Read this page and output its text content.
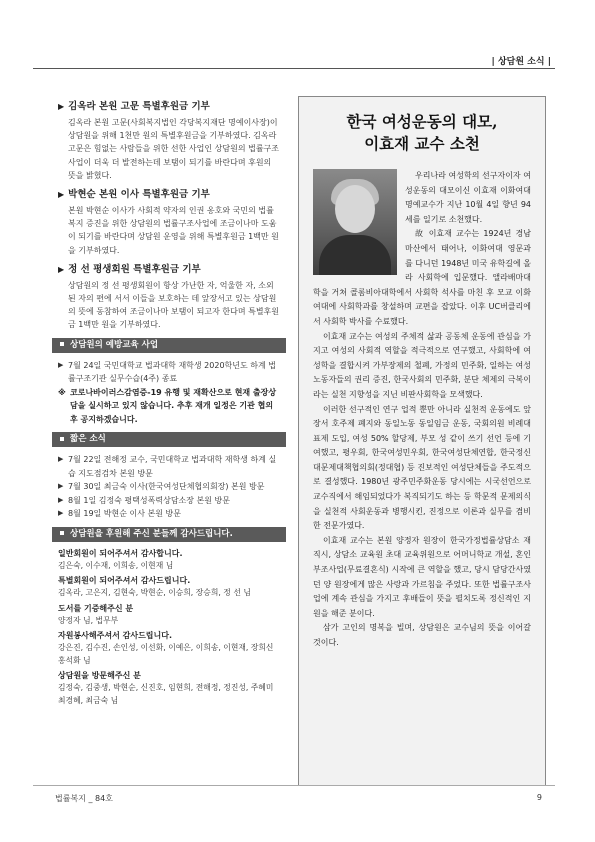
| 상담원 소식 |
▶ 김옥라 본원 고문 특별후원금 기부

김옥라 본원 고문(사회복지법인 각당복지재단 명예이사장)이 상담원을 위해 1천만 원의 특별후원금을 기부하였다. 김옥라 고문은 힘없는 사람들을 위한 선한 사업인 상담원의 법률구조사업이 더욱 더 발전하는데 보탬이 되기를 바란다며 후원의 뜻을 밝혔다.

▶ 박현순 본원 이사 특별후원금 기부

본원 박현순 이사가 사회적 약자의 인권 옹호와 국민의 법률복지 증진을 위한 상담원의 법률구조사업에 조금이나마 도움이 되기를 바란다며 상담원 운영을 위해 특별후원금 1백만 원을 기부하였다.

▶ 정 선 평생회원 특별후원금 기부

상담원의 정 선 평생회원이 항상 가난한 자, 억울한 자, 소외된 자의 편에 서서 이들을 보호하는 데 앞장서고 있는 상담원의 뜻에 동참하여 조금이나마 보탬이 되고자 한다며 특별후원금 1백만 원을 기부하였다.

상담원의 예방교육 사업
▶ 7월 24일 국민대학교 법과대학 재학생 2020학년도 하계 법률구조기관 실무수습(4주) 종료
※ 코로나바이러스감염증-19 유행 및 재확산으로 현재 출장상담을 실시하고 있지 않습니다. 추후 재개 일정은 기관 협의 후 공지하겠습니다.
짧은 소식
▶ 7월 22일 전해정 교수, 국민대학교 법과대학 재학생 하계 실습 지도점검차 본원 방문
▶ 7월 30일 최금숙 이사(한국여성단체협의회장) 본원 방문
▶ 8월 1일 김정숙 평택성폭력상담소장 본원 방문
▶ 8월 19일 박현순 이사 본원 방문
상담원을 후원해 주신 분들께 감사드립니다.
일반회원이 되어주셔서 감사합니다.
김은숙, 이수재, 이희송, 이현재 님
특별회원이 되어주셔서 감사드립니다.
김옥라, 고은지, 김현숙, 박현순, 이승희, 장승희, 정 선 님
도서를 기증해주신 분
양정자 님, 법무부
자원봉사해주셔서 감사드립니다.
강은진, 김수진, 손인성, 이선화, 이예은, 이희송, 이현재, 장희신 홍석화 님
상담원을 방문해주신 분
김정숙, 김중생, 박현순, 신진호, 임현희, 전해정, 정진성, 주혜미 최경혜, 최금숙 님
한국 여성운동의 대모,
이효재 교수 소천

우리나라 여성학의 선구자이자 여성운동의 대모이신 이효재 이화여대 명예교수가 지난 10월 4일 향년 94세를 일기로 소천했다.

故 이효재 교수는 1924년 경남 마산에서 태어나, 이화여대 영문과를 다니던 1948년 미국 유학길에 올라 사회학에 입문했다. 앨라배마대학을 거쳐 콜롬비아대학에서 사회학 석사를 마친 후 모교 이화여대에 사회학과를 창설하며 교편을 잡았다. 이후 UC버클리에서 사회학 박사를 수료했다.

이효재 교수는 여성의 주체적 삶과 공동체 운동에 관심을 가지고 여성의 사회적 역할을 적극적으로 연구했고, 사회학에 여성학을 결합시켜 가부장제의 철폐, 가정의 민주화, 일하는 여성 노동자들의 권리 증진, 한국사회의 민주화, 분단 체제의 극복이라는 실천 지향성을 지닌 비판사회학을 모색했다.

이러한 선구적인 연구 업적 뿐만 아니라 실천적 운동에도 앞장서 호주제 폐지와 동일노동 동일임금 운동, 국회의원 비례대표제 도입, 여성 50% 할당제, 부모 성 같이 쓰기 선언 등에 기여했고, 평우회, 한국여성민우회, 한국여성단체연합, 한국정신대문제대책협의회(정대협) 등 진보적인 여성단체들을 주도적으로 결성했다. 1980년 광주민주화운동 당시에는 시국선언으로 교수직에서 해임되었다가 복직되기도 하는 등 학문적 문제의식을 실천적 사회운동과 병행시킨, 진정으로 이론과 실무를 겸비한 전문가였다.

이효재 교수는 본원 양정자 원장이 한국가정법률상담소 재직시, 상담소 교육원 초대 교육위원으로 어머니학교 개설, 혼인부조사업(무료결혼식) 시작에 큰 역할을 했고, 당시 담당간사였던 양 원장에게 많은 사랑과 가르침을 주었다. 또한 법률구조사업에 계속 관심을 가지고 후배들이 뜻을 펼치도록 정신적인 지원을 해준 분이다.

삼가 고인의 명복을 빌며, 상담원은 교수님의 뜻을 이어갈 것이다.

법률복지 _ 84호	9
